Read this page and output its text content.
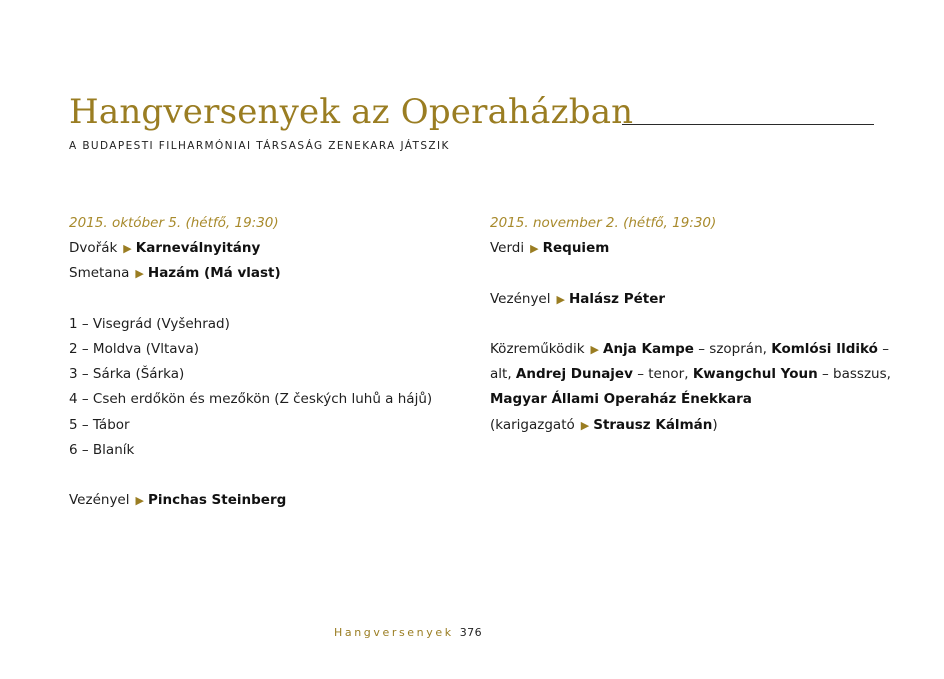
Hangversenyek az Operaházban
A BUDAPESTI FILHARMÓNIAI TÁRSASÁG ZENEKARA JÁTSZIK
2015. október 5. (hétfő, 19:30)
Dvořák ▶ Karneválnyitány
Smetana ▶ Hazám (Má vlast)
1 – Visegrád (Vyšehrad)
2 – Moldva (Vltava)
3 – Sárka (Šárka)
4 – Cseh erdőkön és mezőkön (Z českých luhů a hájů)
5 – Tábor
6 – Blaník
Vezényel ▶ Pinchas Steinberg
2015. november 2. (hétfő, 19:30)
Verdi ▶ Requiem
Vezényel ▶ Halász Péter
Közreműködik ▶ Anja Kampe – szoprán, Komlósi Ildikó –
alt, Andrej Dunajev – tenor, Kwangchul Youn – basszus,
Magyar Állami Operaház Énekkara
(karigazgató ▶ Strausz Kálmán)
Hangversenyek 376
